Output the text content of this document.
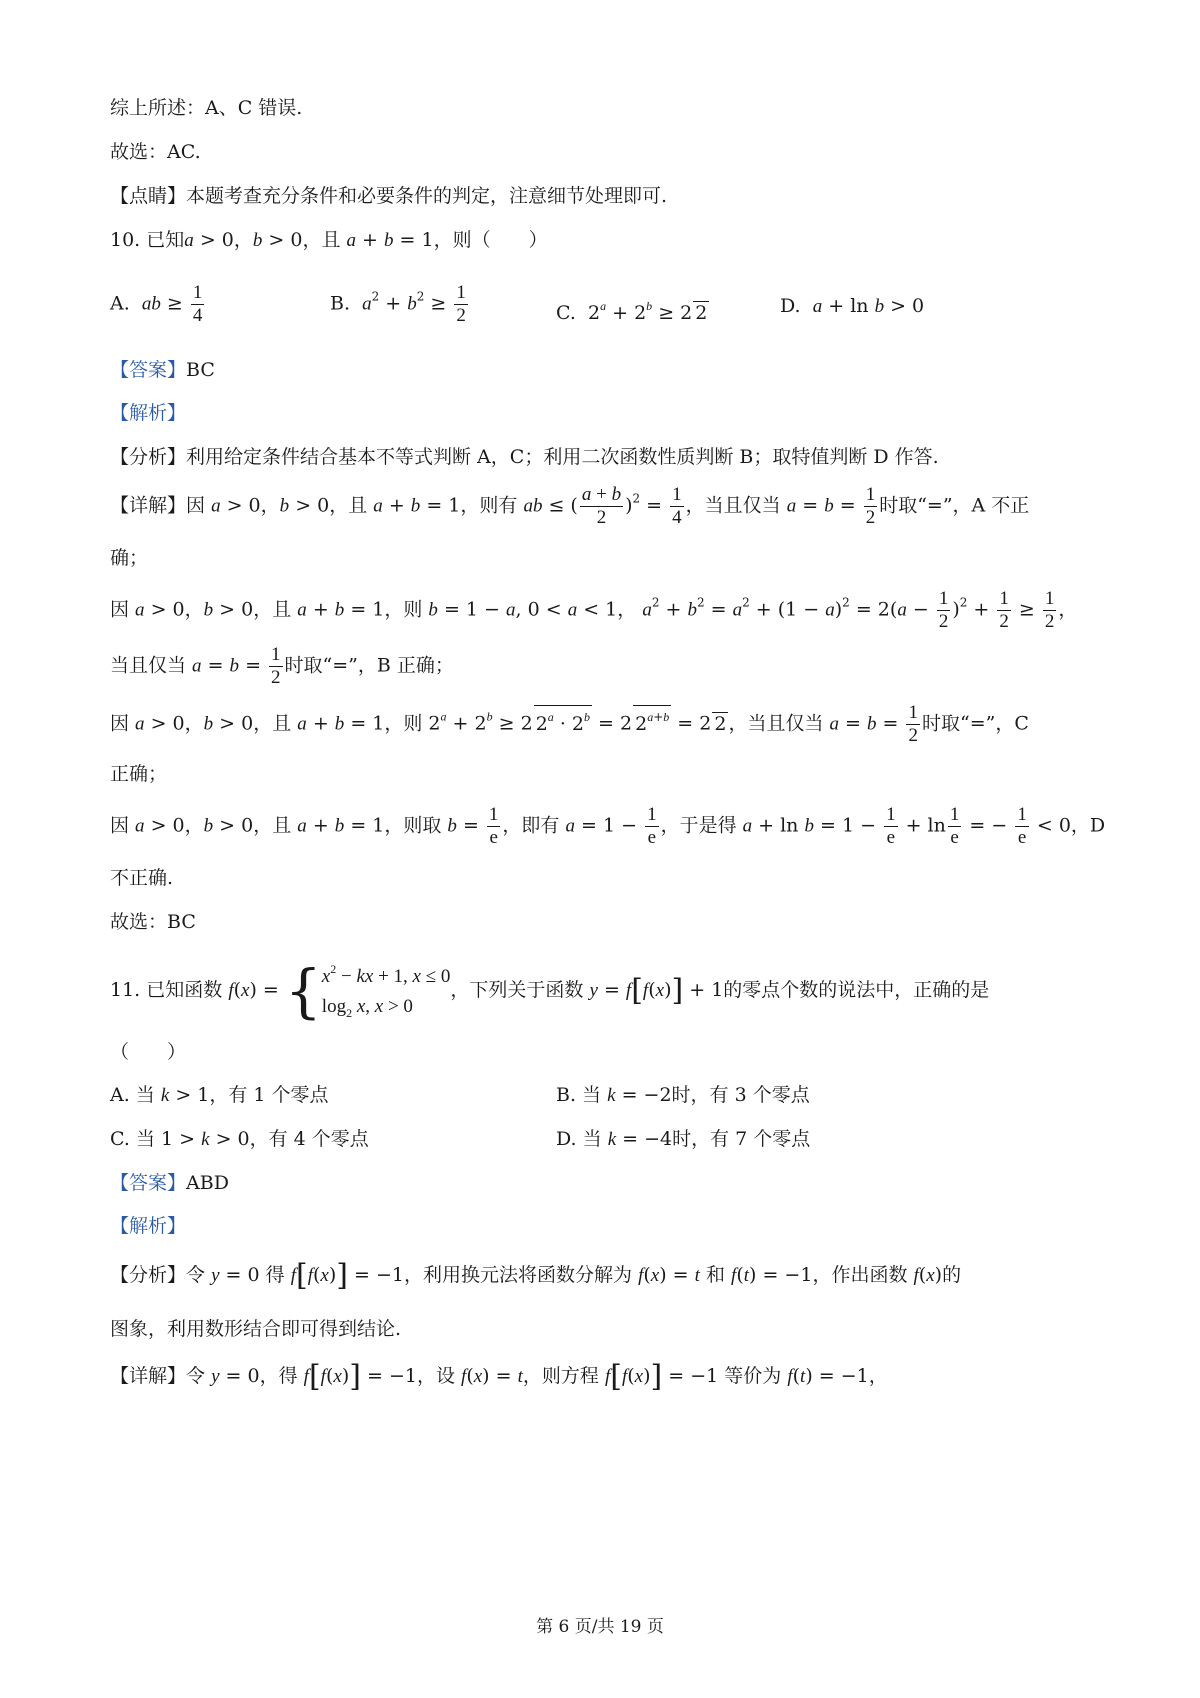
综上所述：A、C 错误.
故选：AC.
【点睛】本题考查充分条件和必要条件的判定，注意细节处理即可.
10. 已知a > 0，b > 0，且 a + b = 1，则（　　）
A. ab ≥ $\frac{1}{4}$	B. $a^2 + b^2 \ge \frac{1}{2}$	C.  $2^a + 2^b \ge 2$ 2	D. a + ln b > 0
【答案】BC
【解析】
【分析】利用给定条件结合基本不等式判断 A，C；利用二次函数性质判断 B；取特值判断 D 作答.
【详解】因 a > 0，b > 0，且 a + b = 1，则有 ab ≤ ( $\frac{a + b}{2} )^2 = \frac{1}{4}$ ，当且仅当 $a = b = \frac{1}{2}$ 时取“=”，A 不正
确；
因 a > 0，b > 0，且 a + b = 1，则 b = 1 − a, 0 < a < 1， $a^2 + b^2 = a^2 + (1 - a)^2 = 2(a - \frac{1}{2} )^2 + \frac{1}{2} \ge \frac{1}{2}$ ，
当且仅当 $a = b = \frac{1}{2}$ 时取“=”，B 正确；
因 a > 0，b > 0，且 a + b = 1，则 $2^a + 2^b \ge 2$ $2^a \cdot 2^b = 2$ $2^{a+b} = 2$ 2 ，当且仅当 $a = b = \frac{1}{2}$ 时取“=”，C
正确；
因 a > 0，b > 0，且 a + b = 1，则取 $b = \frac{1}{e}$ ，即有 $a = 1 - \frac{1}{e}$ ，于是得 $a + \ln b = 1 - \frac{1}{e} + \ln \frac{1}{e}$ = − $\frac{1}{e} < 0$，D
不正确.
故选：BC
11. 已知函数 f(x) = { $x^2$ − kx + 1, x ≤ 0
$\log_2 x$, x > 0
，下列关于函数 y = f[f(x)] + 1的零点个数的说法中，正确的是
（　　）
A. 当 k > 1，有 1 个零点	B. 当 k = −2时，有 3 个零点
C. 当 1 > k > 0，有 4 个零点	D. 当 k = −4时，有 7 个零点
【答案】ABD
【解析】
【分析】令 y = 0 得 f[f(x)] = −1，利用换元法将函数分解为 f(x) = t 和 f(t) = −1，作出函数 f(x)的
图象，利用数形结合即可得到结论.
【详解】令 y = 0，得 f[f(x)] = −1，设 f(x) = t，则方程 f[f(x)] = −1 等价为 f(t) = −1，
第 6 页/共 19 页
